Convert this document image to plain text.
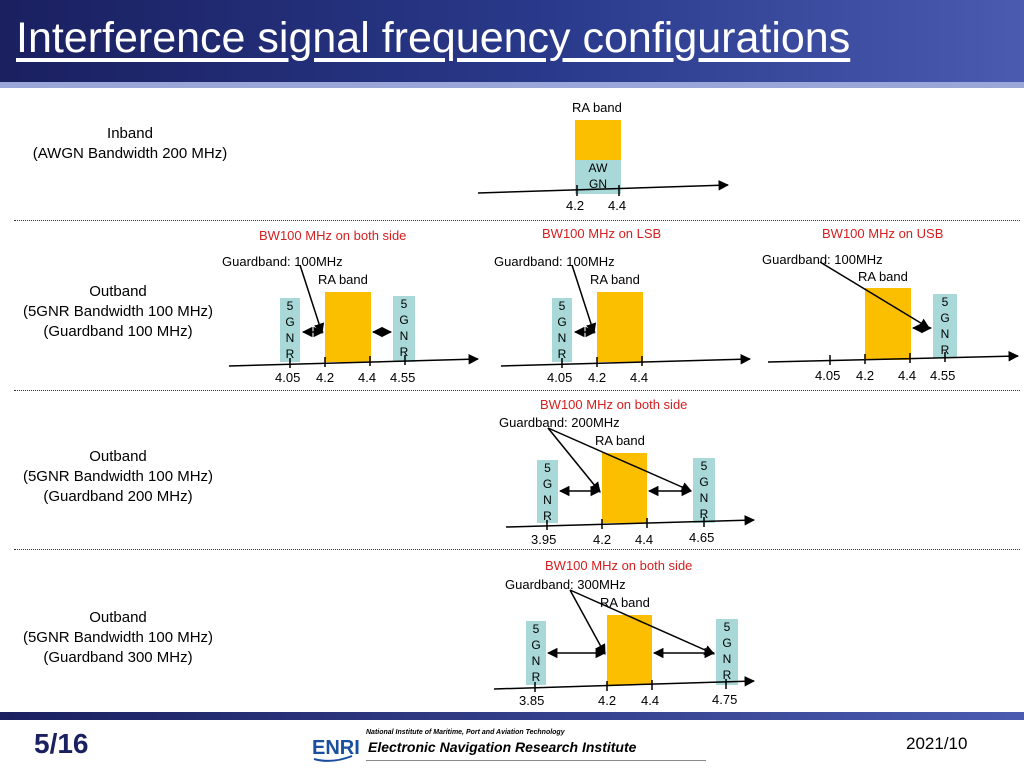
Interference signal frequency configurations
Inband
(AWGN Bandwidth 200 MHz)
Outband
(5GNR Bandwidth 100 MHz)
(Guardband 100 MHz)
Outband
(5GNR Bandwidth 100 MHz)
(Guardband 200 MHz)
Outband
(5GNR Bandwidth 100 MHz)
(Guardband 300 MHz)
RA band
AW
GN
4.2 4.4
BW100 MHz on both side
Guardband: 100MHz
RA band
5
G
N
R
5
G
N
R
4.05 4.2 4.4 4.55
BW100 MHz on LSB
Guardband: 100MHz
RA band
5
G
N
R
4.05 4.2 4.4
BW100 MHz on USB
Guardband: 100MHz
RA band
5
G
N
R
4.05 4.2 4.4 4.55
BW100 MHz on both side
Guardband: 200MHz
RA band
5
G
N
R
5
G
N
R
3.95	4.2 4.4	4.65
BW100 MHz on both side
Guardband: 300MHz
RA band
5
G
N
R
5
G
N
R
3.85	4.2 4.4	4.75
5/16	ENRI
National Institute of Maritime, Port and Aviation Technology
Electronic Navigation Research Institute	2021/10
